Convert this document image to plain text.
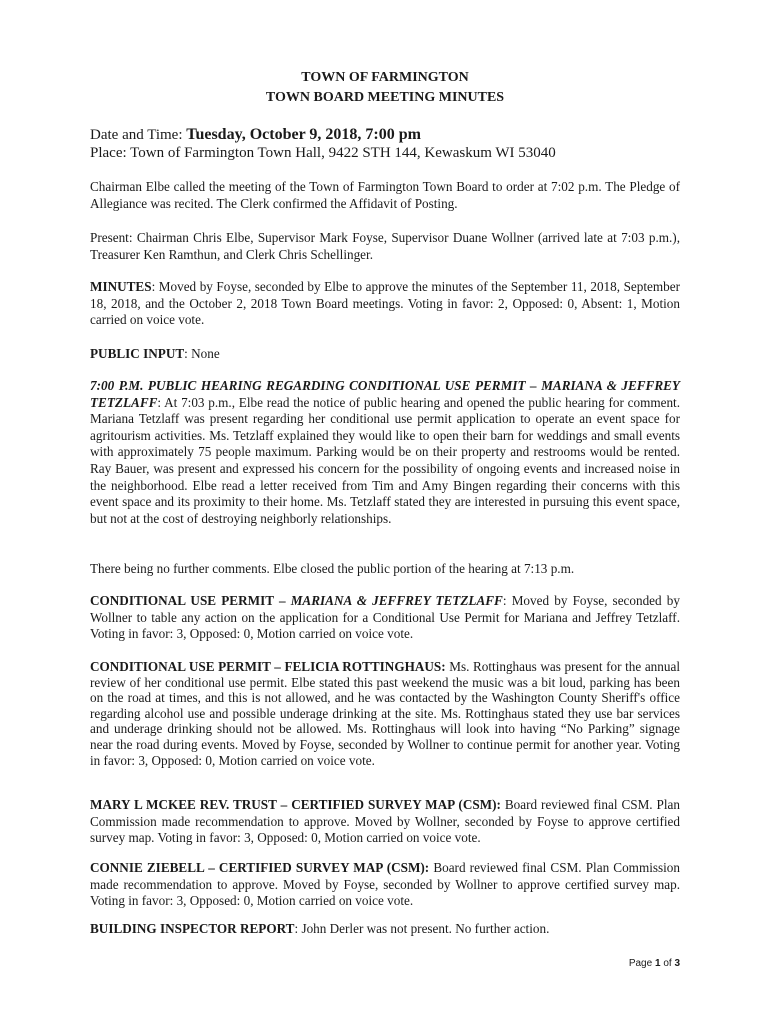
TOWN OF FARMINGTON
TOWN BOARD MEETING MINUTES
Date and Time: Tuesday, October 9, 2018, 7:00 pm
Place: Town of Farmington Town Hall, 9422 STH 144, Kewaskum WI 53040

Chairman Elbe called the meeting of the Town of Farmington Town Board to order at 7:02 p.m. The Pledge of Allegiance was recited. The Clerk confirmed the Affidavit of Posting.

Present: Chairman Chris Elbe, Supervisor Mark Foyse, Supervisor Duane Wollner (arrived late at 7:03 p.m.), Treasurer Ken Ramthun, and Clerk Chris Schellinger.

MINUTES: Moved by Foyse, seconded by Elbe to approve the minutes of the September 11, 2018, September 18, 2018, and the October 2, 2018 Town Board meetings. Voting in favor: 2, Opposed: 0, Absent: 1, Motion carried on voice vote.

PUBLIC INPUT: None

7:00 P.M. PUBLIC HEARING REGARDING CONDITIONAL USE PERMIT – MARIANA & JEFFREY TETZLAFF: At 7:03 p.m., Elbe read the notice of public hearing and opened the public hearing for comment. Mariana Tetzlaff was present regarding her conditional use permit application to operate an event space for agritourism activities. Ms. Tetzlaff explained they would like to open their barn for weddings and small events with approximately 75 people maximum. Parking would be on their property and restrooms would be rented. Ray Bauer, was present and expressed his concern for the possibility of ongoing events and increased noise in the neighborhood. Elbe read a letter received from Tim and Amy Bingen regarding their concerns with this event space and its proximity to their home. Ms. Tetzlaff stated they are interested in pursuing this event space, but not at the cost of destroying neighborly relationships.

There being no further comments. Elbe closed the public portion of the hearing at 7:13 p.m.

CONDITIONAL USE PERMIT – MARIANA & JEFFREY TETZLAFF: Moved by Foyse, seconded by Wollner to table any action on the application for a Conditional Use Permit for Mariana and Jeffrey Tetzlaff. Voting in favor: 3, Opposed: 0, Motion carried on voice vote.

CONDITIONAL USE PERMIT – FELICIA ROTTINGHAUS: Ms. Rottinghaus was present for the annual review of her conditional use permit. Elbe stated this past weekend the music was a bit loud, parking has been on the road at times, and this is not allowed, and he was contacted by the Washington County Sheriff's office regarding alcohol use and possible underage drinking at the site. Ms. Rottinghaus stated they use bar services and underage drinking should not be allowed. Ms. Rottinghaus will look into having “No Parking” signage near the road during events. Moved by Foyse, seconded by Wollner to continue permit for another year. Voting in favor: 3, Opposed: 0, Motion carried on voice vote.

MARY L MCKEE REV. TRUST – CERTIFIED SURVEY MAP (CSM): Board reviewed final CSM. Plan Commission made recommendation to approve. Moved by Wollner, seconded by Foyse to approve certified survey map. Voting in favor: 3, Opposed: 0, Motion carried on voice vote.

CONNIE ZIEBELL – CERTIFIED SURVEY MAP (CSM): Board reviewed final CSM. Plan Commission made recommendation to approve. Moved by Foyse, seconded by Wollner to approve certified survey map. Voting in favor: 3, Opposed: 0, Motion carried on voice vote.

BUILDING INSPECTOR REPORT: John Derler was not present. No further action.

Page 1 of 3
